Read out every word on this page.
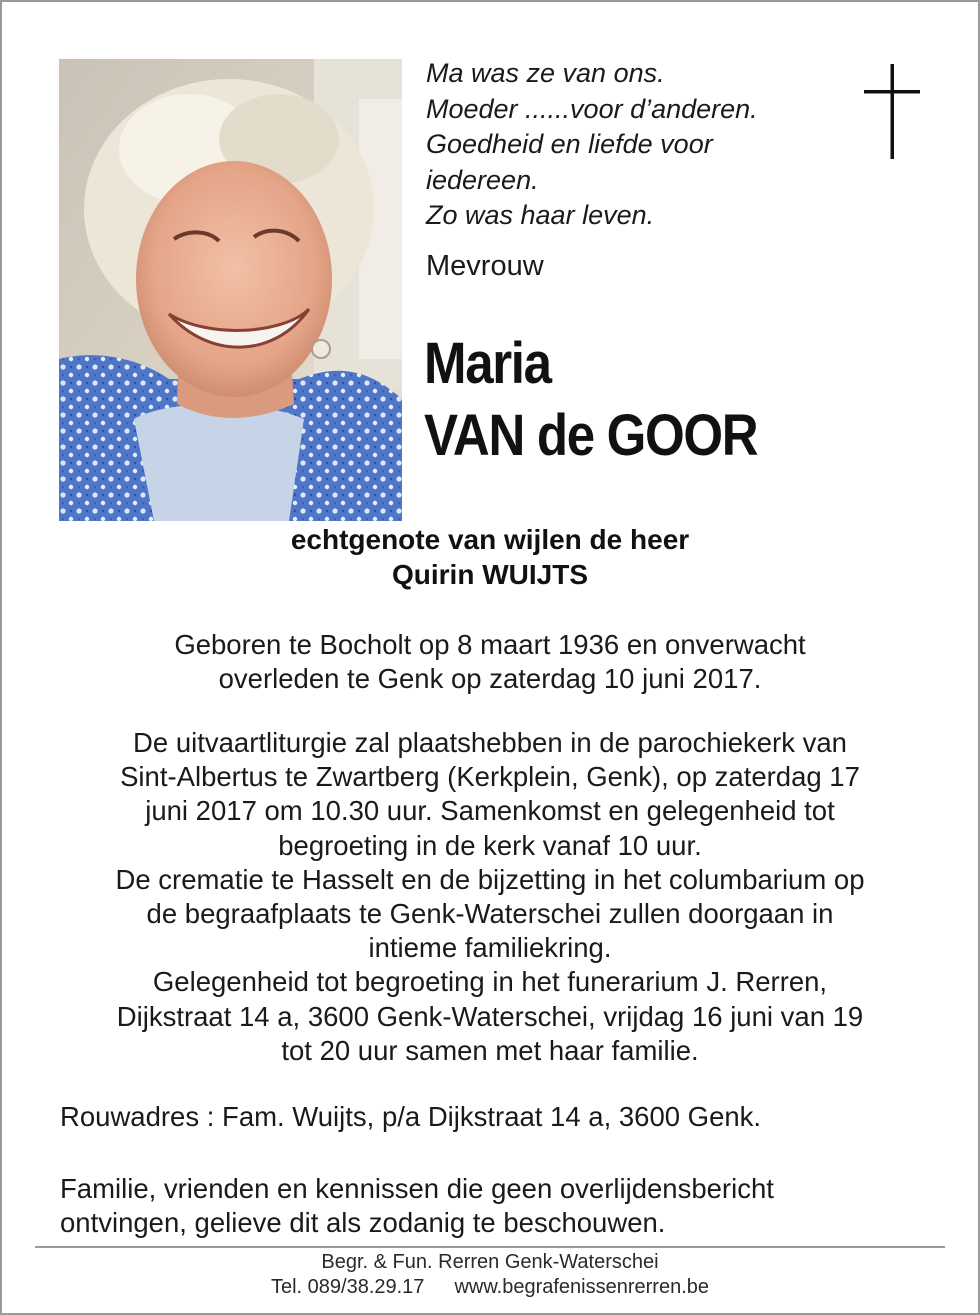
Ma was ze van ons.
Moeder ......voor d’anderen.
Goedheid en liefde voor
iedereen.
Zo was haar leven.
Mevrouw
Maria
VAN de GOOR
echtgenote van wijlen de heer
Quirin WUIJTS
Geboren te Bocholt op 8 maart 1936 en onverwacht
overleden te Genk op zaterdag 10 juni 2017.
De uitvaartliturgie zal plaatshebben in de parochiekerk van
Sint-Albertus te Zwartberg (Kerkplein, Genk), op zaterdag 17
juni 2017 om 10.30 uur. Samenkomst en gelegenheid tot
begroeting in de kerk vanaf 10 uur.
De crematie te Hasselt en de bijzetting in het columbarium op
de begraafplaats te Genk-Waterschei zullen doorgaan in
intieme familiekring.
Gelegenheid tot begroeting in het funerarium J. Rerren,
Dijkstraat 14 a, 3600 Genk-Waterschei, vrijdag 16 juni van 19
tot 20 uur samen met haar familie.
Rouwadres : Fam. Wuijts, p/a Dijkstraat 14 a, 3600 Genk.
Familie, vrienden en kennissen die geen overlijdensbericht
ontvingen, gelieve dit als zodanig te beschouwen.
Begr. & Fun. Rerren Genk-Waterschei
Tel. 089/38.29.17 www.begrafenissenrerren.be
